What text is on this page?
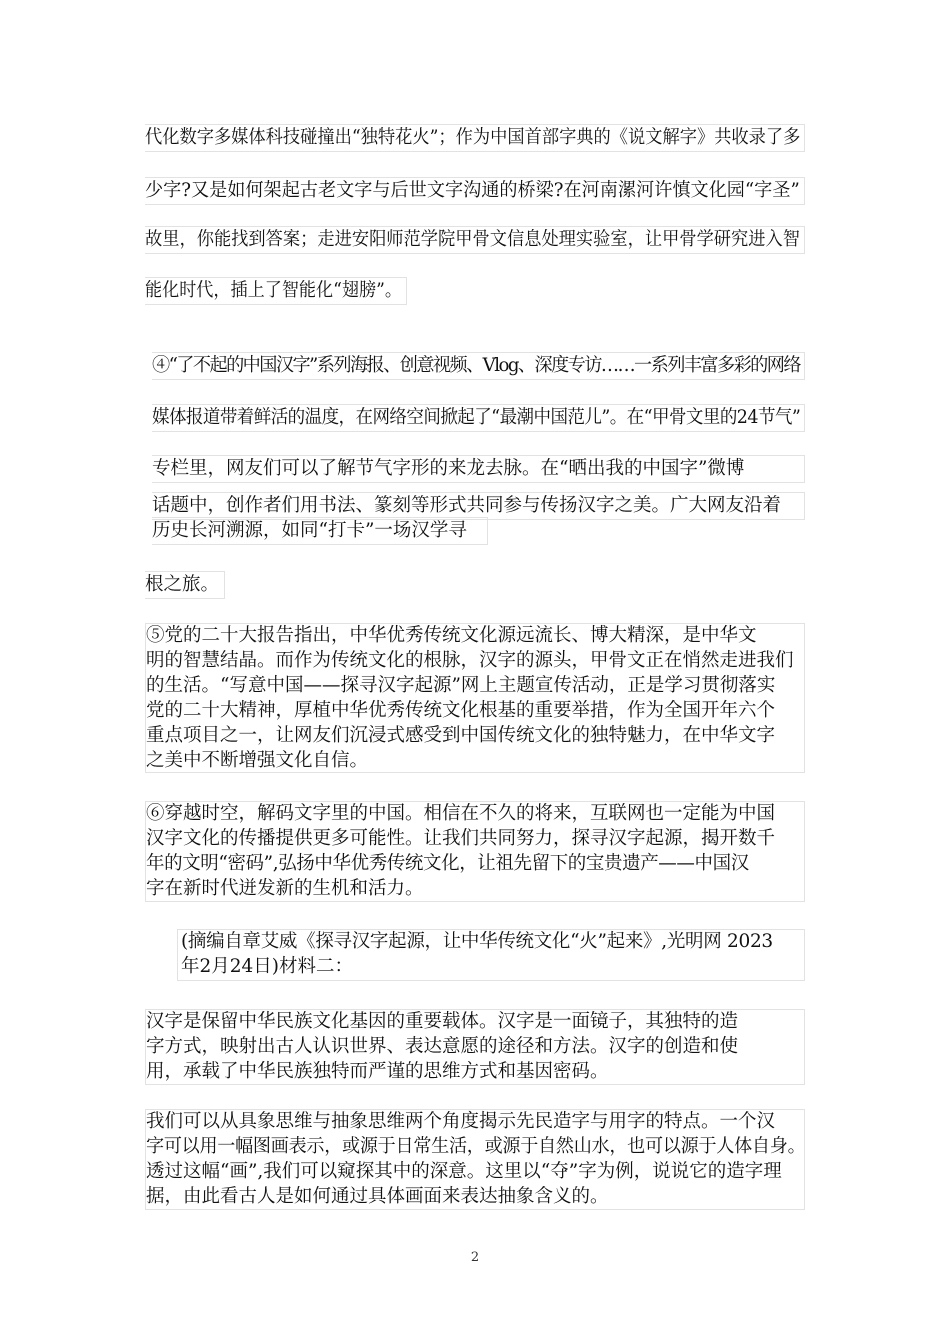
代化数字多媒体科技碰撞出“独特花火”；作为中国首部字典的《说文解字》共收录了多
少字?又是如何架起古老文字与后世文字沟通的桥梁?在河南漯河许慎文化园“字圣”
故里，你能找到答案；走进安阳师范学院甲骨文信息处理实验室，让甲骨学研究进入智
能化时代，插上了智能化“翅膀”。
④“了不起的中国汉字”系列海报、创意视频、Vlog、深度专访……一系列丰富多彩的网络
媒体报道带着鲜活的温度，在网络空间掀起了“最潮中国范儿”。在“甲骨文里的24节气”
专栏里，网友们可以了解节气字形的来龙去脉。在“晒出我的中国字”微博
话题中，创作者们用书法、篆刻等形式共同参与传扬汉字之美。广大网友沿着
历史长河溯源，如同“打卡”一场汉学寻
根之旅。
⑤党的二十大报告指出，中华优秀传统文化源远流长、博大精深，是中华文
明的智慧结晶。而作为传统文化的根脉，汉字的源头，甲骨文正在悄然走进我们
的生活。“写意中国——探寻汉字起源”网上主题宣传活动，正是学习贯彻落实
党的二十大精神，厚植中华优秀传统文化根基的重要举措，作为全国开年六个
重点项目之一，让网友们沉浸式感受到中国传统文化的独特魅力，在中华文字
之美中不断增强文化自信。
⑥穿越时空，解码文字里的中国。相信在不久的将来，互联网也一定能为中国
汉字文化的传播提供更多可能性。让我们共同努力，探寻汉字起源，揭开数千
年的文明“密码”,弘扬中华优秀传统文化，让祖先留下的宝贵遗产——中国汉
字在新时代迸发新的生机和活力。
(摘编自章艾威《探寻汉字起源，让中华传统文化“火”起来》,光明网 2023
年2月24日)材料二：
汉字是保留中华民族文化基因的重要载体。汉字是一面镜子，其独特的造
字方式，映射出古人认识世界、表达意愿的途径和方法。汉字的创造和使
用，承载了中华民族独特而严谨的思维方式和基因密码。
我们可以从具象思维与抽象思维两个角度揭示先民造字与用字的特点。一个汉
字可以用一幅图画表示，或源于日常生活，或源于自然山水，也可以源于人体自身。
透过这幅“画”,我们可以窥探其中的深意。这里以“夺”字为例，说说它的造字理
据，由此看古人是如何通过具体画面来表达抽象含义的。
2
